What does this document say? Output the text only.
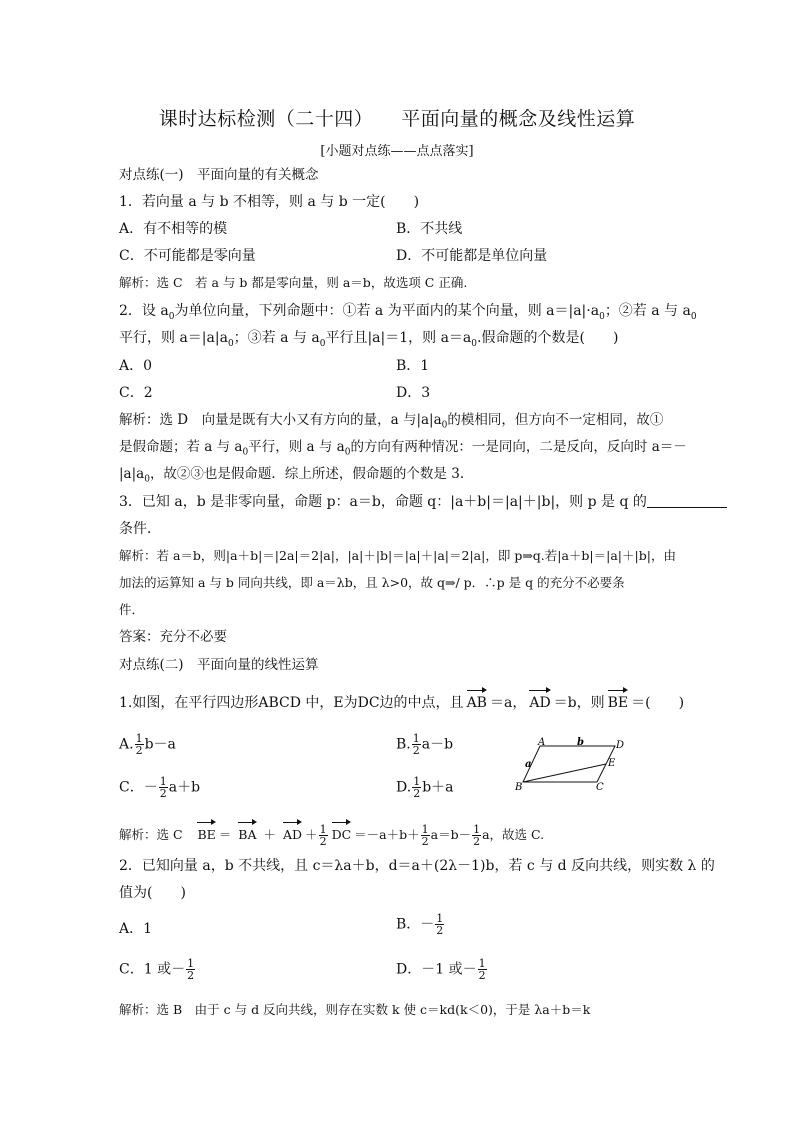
课时达标检测（二十四） 平面向量的概念及线性运算
[小题对点练——点点落实]
对点练(一)　平面向量的有关概念
1．若向量 a 与 b 不相等，则 a 与 b 一定(　　)
A．有不相等的模	B．不共线
C．不可能都是零向量	D．不可能都是单位向量
解析：选 C　若 a 与 b 都是零向量，则 a＝b，故选项 C 正确.
2．设 $a_0$为单位向量，下列命题中：①若 a 为平面内的某个向量，则 $a=|a|\cdot a_0$；②若 a 与 $a_0$
平行，则 $a=|a|a_0$；③若 a 与 $a_0$平行且|a|＝1，则 $a=a_0$.假命题的个数是(　　)
A．0	B．1
C．2	D．3
解析：选 D　向量是既有大小又有方向的量，a 与$|a|a_0$的模相同，但方向不一定相同，故①
是假命题；若 a 与 $a_0$平行，则 a 与 $a_0$的方向有两种情况：一是同向，二是反向，反向时 a＝－
$|a|a_0$，故②③也是假命题．综上所述，假命题的个数是 3.
3．已知 a，b 是非零向量，命题 p：a＝b，命题 q：|a＋b|＝|a|＋|b|，则 p 是 q 的
条件．
解析：若 a＝b，则|a＋b|＝|2a|＝2|a|，|a|＋|b|＝|a|＋|a|＝2|a|，即 p⇒q.若|a＋b|＝|a|＋|b|，由
加法的运算知 a 与 b 同向共线，即 a＝λb，且 λ>0，故 q⇒/ p．∴p 是 q 的充分不必要条
件．
答案：充分不必要
对点练(二)　平面向量的线性运算
1.如图，在平行四边形ABCD 中，E为DC边的中点，且 AB ＝a， AD ＝b，则 BE ＝(　　)
A. $\frac{1}{2} b-a$	B. $\frac{1}{2} a-b$
C．－ $\frac{1}{2} a+b$	D. $\frac{1}{2} b+a$
A	b	D
a	E
B	C
解析：选 C BE ＝ BA ＋ AD ＋ $\frac{1}{2}$ DC $=-a+b+ \frac{1}{2} a=b- \frac{1}{2}$ a，故选 C.
2．已知向量 a，b 不共线，且 c＝λa＋b，d＝a＋(2λ－1)b，若 c 与 d 反向共线，则实数 λ 的
值为(　　)
A．1	B．－ $\frac{1}{2}$
C．1 或－ $\frac{1}{2}$	D．－1 或－ $\frac{1}{2}$
解析：选 B　由于 c 与 d 反向共线，则存在实数 k 使 c＝kd(k＜0)，于是 λa＋b＝k
